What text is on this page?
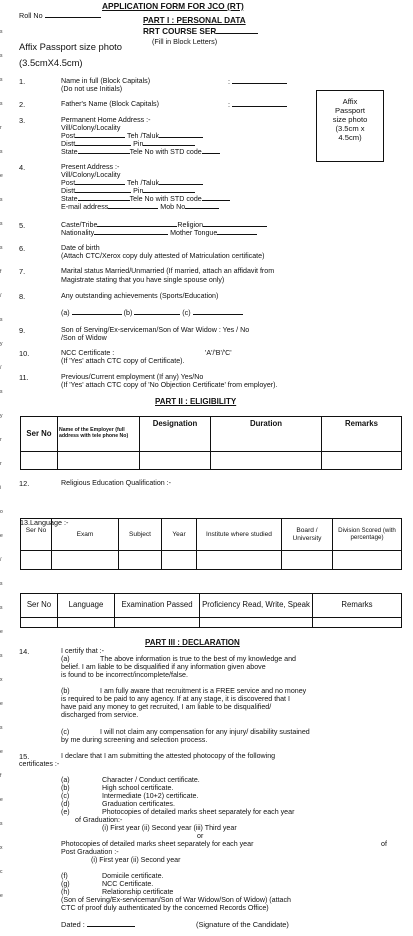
s
s
s
s
r
s
e
s
s
s
f
/
s
y
/
s
y
r
r
i
o
e
/
s
s
e
s
x
e
s
e
f
e
s
x
c
e
Roll No
APPLICATION FORM FOR JCO (RT)
PART I : PERSONAL DATA
RRT COURSE SER
(Fill in Block Letters)
Affix Passport size photo
(3.5cmX4.5cm)
Affix
Passport
size photo
(3.5cm x
4.5cm)
1.	Name in full (Block Capitals)	:
(Do not use Initials)
2.	Father's Name (Block Capitals)	:
3.	Permanent Home Address :-
Vill/Colony/Locality
Post	Teh /Taluk
Distt	Pin
State	Tele No with STD code
4.	Present Address :-
Vill/Colony/Locality
Post	Teh /Taluk
Distt	Pin
State	Tele No with STD code
E-mail address	Mob No
5.	Caste/Tribe	Religion
Nationality	Mother Tongue
6.	Date of birth
(Attach CTC/Xerox copy duly attested of Matriculation certificate)
7.	Marital status Married/Unmarried (If married, attach an affidavit from
Magistrate stating that you have single spouse only)
8.	Any outstanding achievements (Sports/Education)
(a)	(b)	(c)
9.	Son of Serving/Ex-serviceman/Son of War Widow : Yes / No
/Son of Widow
10.	NCC Certificate :	'A'/'B'/'C'
(If 'Yes' attach CTC copy of Certificate).
11.	Previous/Current employment (If any) Yes/No
(If 'Yes' attach CTC copy of 'No Objection Certificate' from employer).
PART II : ELIGIBILITY
Ser No	Name of the Employer (full address with tele phone No)	Designation	Duration	Remarks

12.	Religious Education Qualification :-
13.Language :-
Ser No	Exam	Subject	Year	Institute where studied	Board / University	Division Scored (with percentage)

Ser No	Language	Examination Passed	Proficiency Read, Write, Speak	Remarks

PART III : DECLARATION
14.	I certify that :-
(a)	The above information is true to the best of my knowledge and
belief. I am liable to be disqualified if any information given above
is found to be incorrect/incomplete/false.
(b)	I am fully aware that recruitment is a FREE service and no money
is required to be paid to any agency. If at any stage, it is discovered that I
have paid any money to get recruited, I am liable to be disqualified/
discharged from service.
(c)	I will not claim any compensation for any injury/ disability sustained
by me during screening and selection process.
15.	I declare that I am submitting the attested photocopy of the following
certificates :-
(a)	Character / Conduct certificate.
(b)	High school certificate.
(c)	Intermediate (10+2) certificate.
(d)	Graduation certificates.
(e)	Photocopies of detailed marks sheet separately for each year
of Graduation:-
(i) First year (ii) Second year (iii) Third year
or
Photocopies of detailed marks sheet separately for each year	of
Post Graduation :-
(i) First year (ii) Second year
(f)	Domicile certificate.
(g)	NCC Certificate.
(h)	Relationship certificate
(Son of Serving/Ex-serviceman/Son of War Widow/Son of Widow) (attach
CTC of proof duly authenticated by the concerned Records Office)
Dated :	(Signature of the Candidate)
